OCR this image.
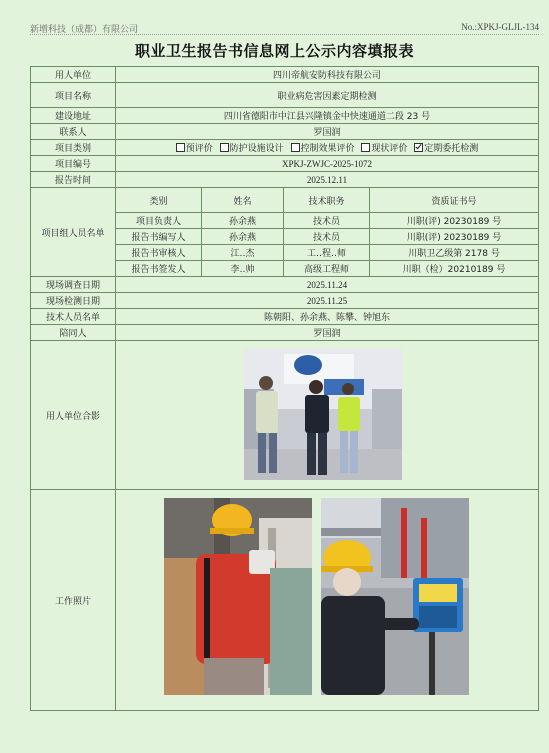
新增科技（成都）有限公司	No.:XPKJ-GLJL-134
职业卫生报告书信息网上公示内容填报表
用人单位	四川帝航安防科技有限公司			
项目名称	职业病危害因素定期检测			
建设地址	四川省德阳市中江县兴隆镇金中快速通道二段 23 号			
联系人	罗国润			
项目类别	预评价 防护设施设计 控制效果评价 现状评价 定期委托检测			
项目编号	XPKJ-ZWJC-2025-1072			
报告时间	2025.12.11			
项目组人员名单	类别	姓名	技术职务	资质证书号
	项目负责人	孙余燕	技术员	川职(评) 20230189 号
	报告书编写人	孙余燕	技术员	川职(评) 20230189 号
	报告书审核人	江‥杰	工‥程‥师	川职卫乙级第 2178 号
	报告书签发人	李‥帅	高级工程师	川职（检）20210189 号
现场调查日期	2025.11.24			
现场检测日期	2025.11.25			
技术人员名单	陈朝阳、孙余燕、陈攀、钟旭东			
陪同人	罗国润			
用人单位合影	

工作照片	
